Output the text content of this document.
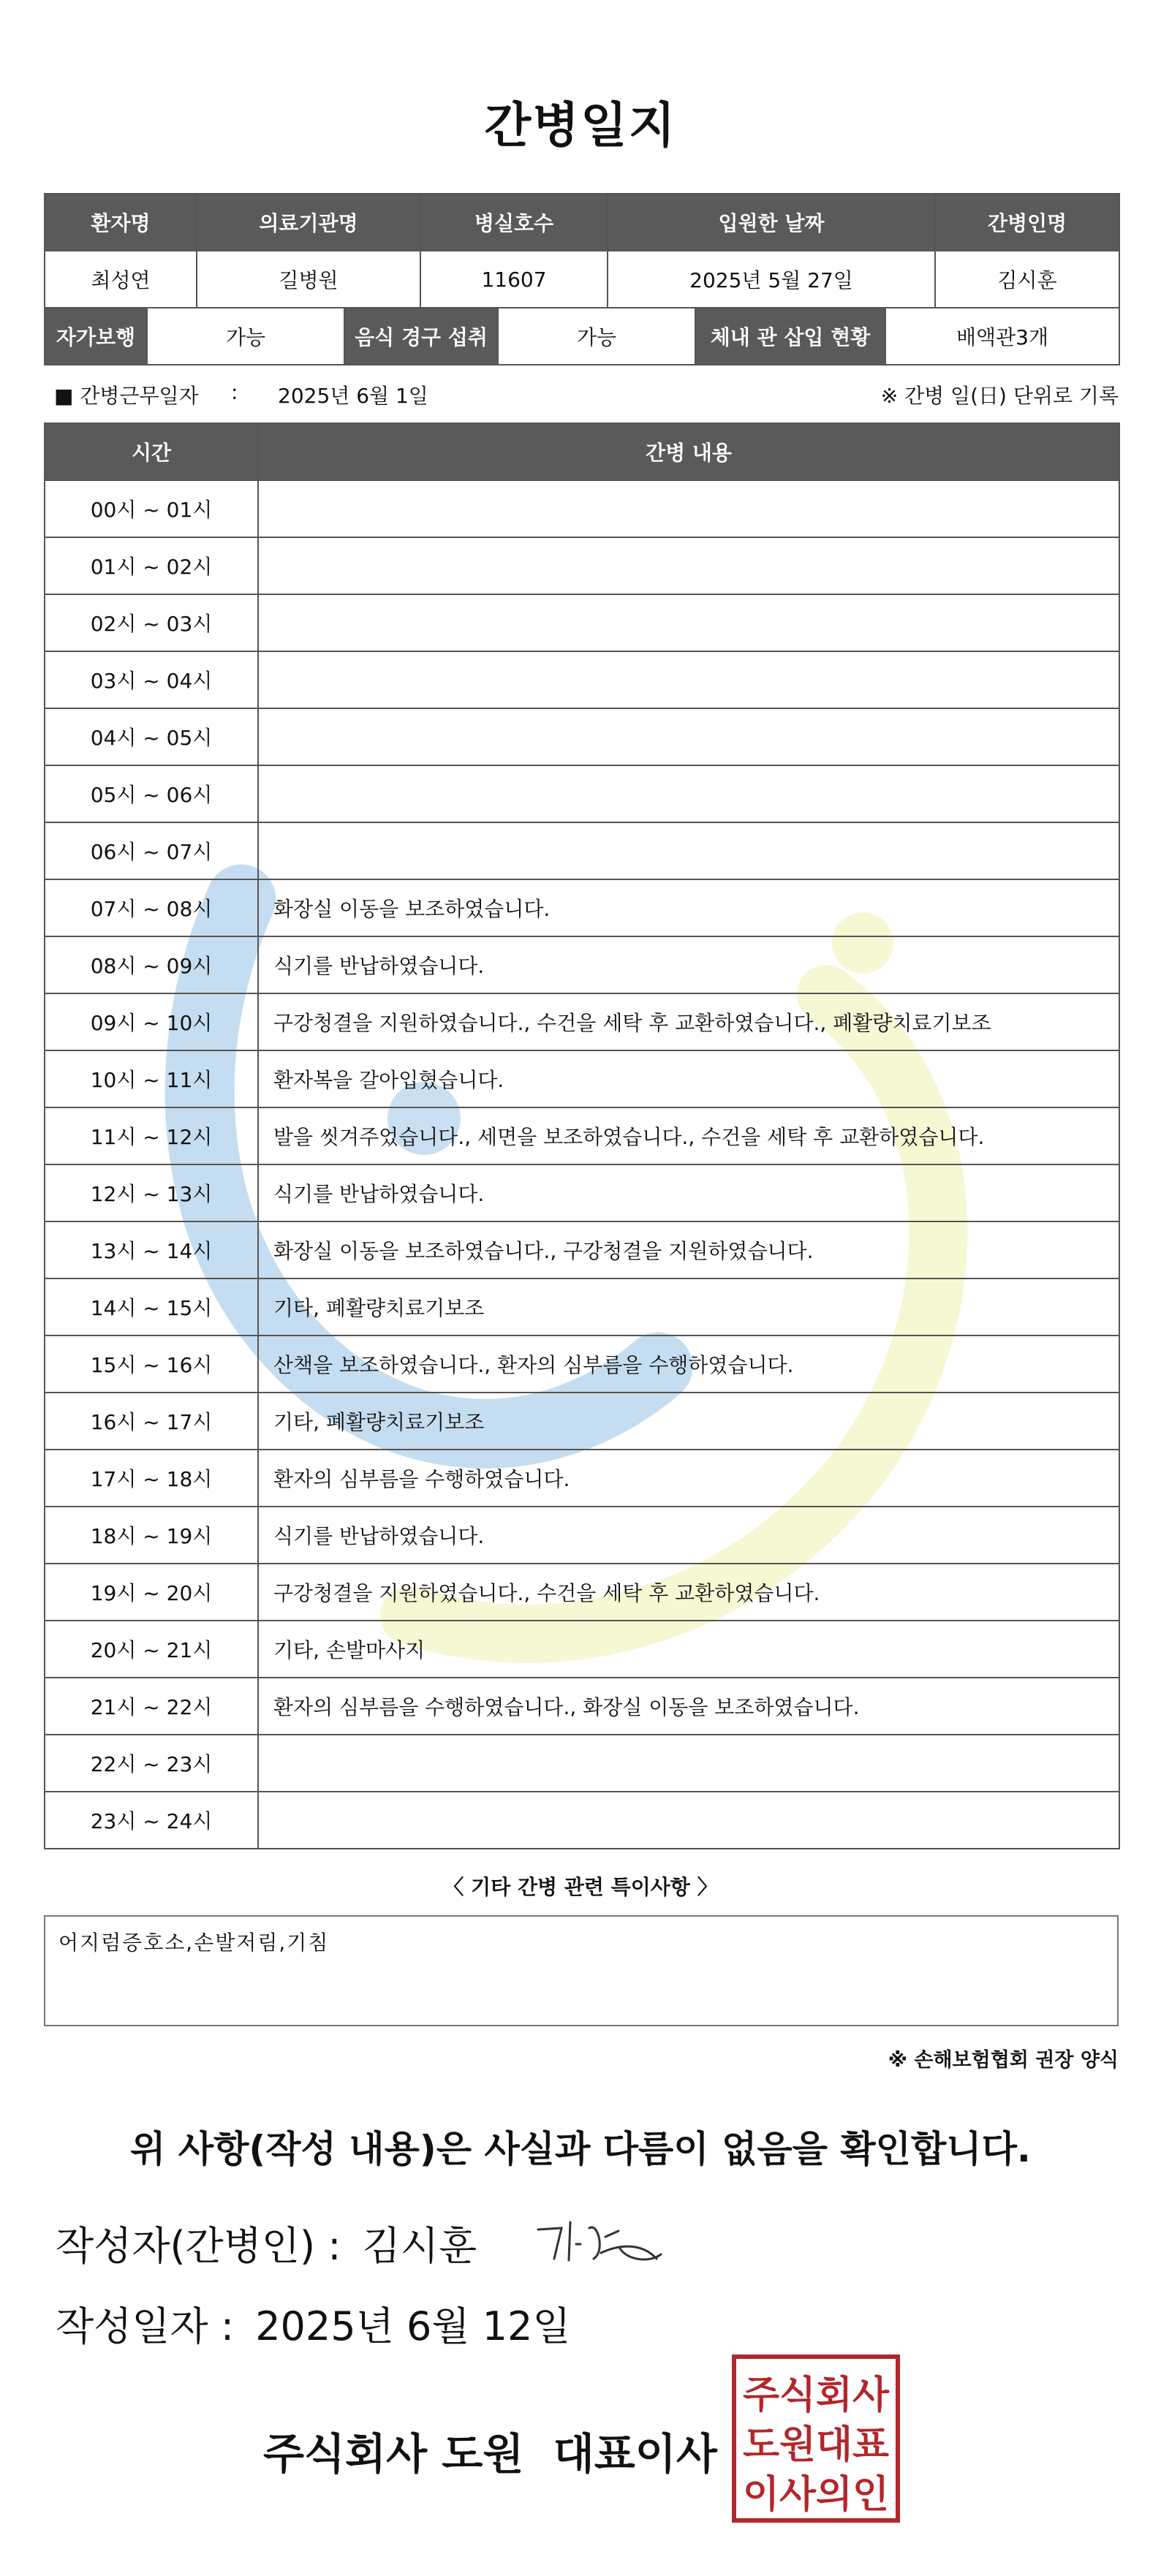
간병일지
환자명	의료기관명	병실호수	입원한 날짜	간병인명
최성연	길병원	11607	2025년 5월 27일	김시훈
자가보행	가능	음식 경구 섭취	가능	체내 관 삽입 현황	배액관3개
■ 간병근무일자 : 2025년 6월 1일	※ 간병 일(日) 단위로 기록
시간	간병 내용
00시 ~ 01시	
01시 ~ 02시	
02시 ~ 03시	
03시 ~ 04시	
04시 ~ 05시	
05시 ~ 06시	
06시 ~ 07시	
07시 ~ 08시	화장실 이동을 보조하였습니다.
08시 ~ 09시	식기를 반납하였습니다.
09시 ~ 10시	구강청결을 지원하였습니다., 수건을 세탁 후 교환하였습니다., 폐활량치료기보조
10시 ~ 11시	환자복을 갈아입혔습니다.
11시 ~ 12시	발을 씻겨주었습니다., 세면을 보조하였습니다., 수건을 세탁 후 교환하였습니다.
12시 ~ 13시	식기를 반납하였습니다.
13시 ~ 14시	화장실 이동을 보조하였습니다., 구강청결을 지원하였습니다.
14시 ~ 15시	기타, 폐활량치료기보조
15시 ~ 16시	산책을 보조하였습니다., 환자의 심부름을 수행하였습니다.
16시 ~ 17시	기타, 폐활량치료기보조
17시 ~ 18시	환자의 심부름을 수행하였습니다.
18시 ~ 19시	식기를 반납하였습니다.
19시 ~ 20시	구강청결을 지원하였습니다., 수건을 세탁 후 교환하였습니다.
20시 ~ 21시	기타, 손발마사지
21시 ~ 22시	환자의 심부름을 수행하였습니다., 화장실 이동을 보조하였습니다.
22시 ~ 23시	
23시 ~ 24시	
〈 기타 간병 관련 특이사항 〉
어지럼증호소,손발저림,기침
※ 손해보험협회 권장 양식
위 사항(작성 내용)은 사실과 다름이 없음을 확인합니다.
작성자(간병인) : 김시훈
작성일자 : 2025년 6월 12일
주식회사 도원  대표이사
주식회사
도원대표
이사의인
